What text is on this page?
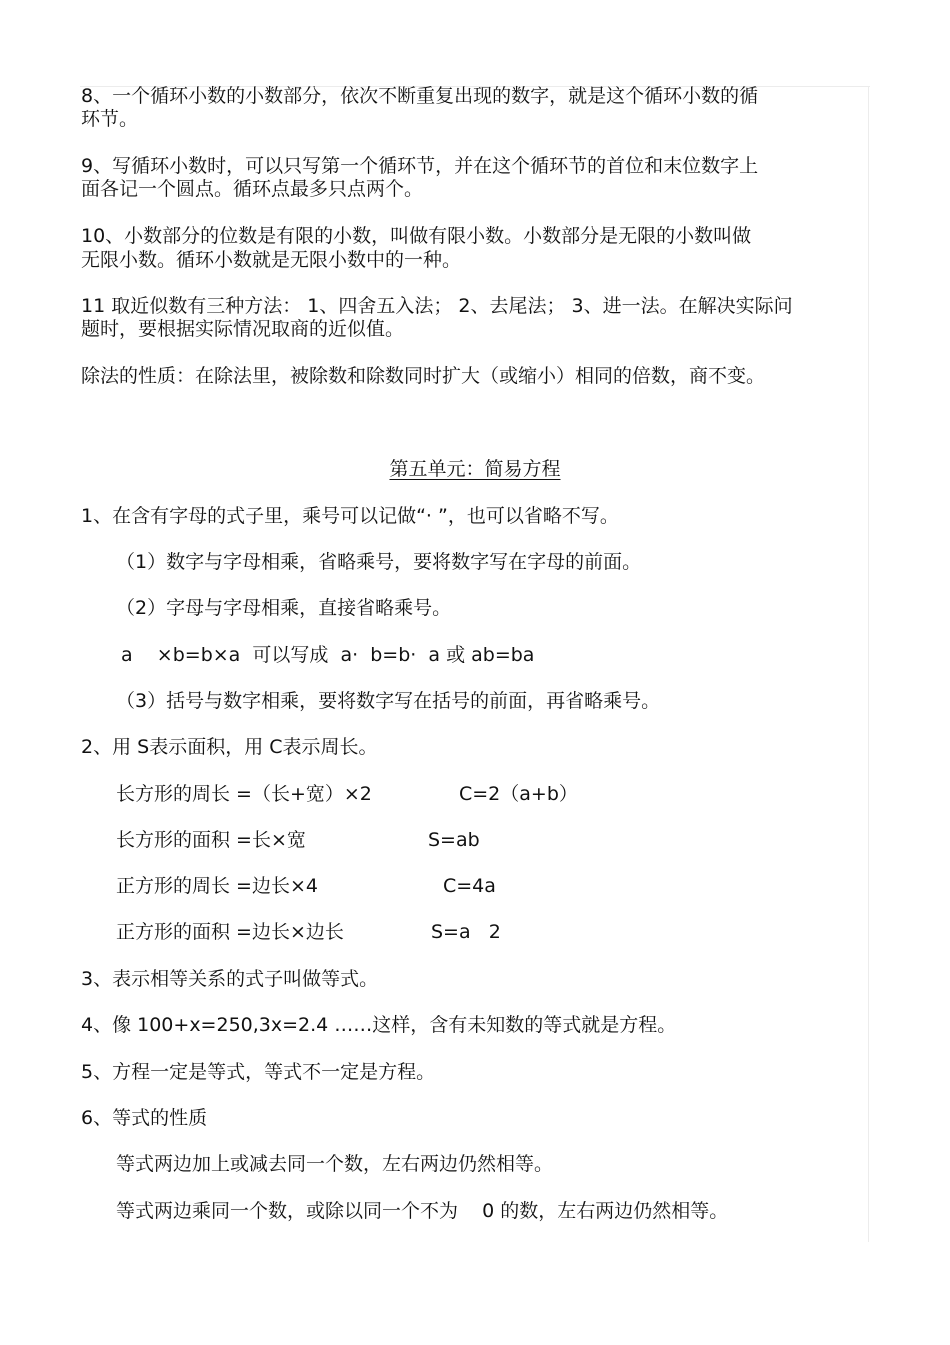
8、一个循环小数的小数部分，依次不断重复出现的数字，就是这个循环小数的循
环节。
9、写循环小数时，可以只写第一个循环节，并在这个循环节的首位和末位数字上
面各记一个圆点。循环点最多只点两个。
10、小数部分的位数是有限的小数，叫做有限小数。小数部分是无限的小数叫做
无限小数。循环小数就是无限小数中的一种。
11 取近似数有三种方法： 1、四舍五入法； 2、去尾法； 3、进一法。在解决实际问
题时，要根据实际情况取商的近似值。
除法的性质：在除法里，被除数和除数同时扩大（或缩小）相同的倍数，商不变。
第五单元：简易方程
1、在含有字母的式子里，乘号可以记做“· ”，也可以省略不写。
（1）数字与字母相乘，省略乘号，要将数字写在字母的前面。
（2）字母与字母相乘，直接省略乘号。
a    ×b=b×a  可以写成  a·  b=b·  a 或 ab=ba
（3）括号与数字相乘，要将数字写在括号的前面，再省略乘号。
2、用 S表示面积，用 C表示周长。
长方形的周长 =（长+宽）×2	C=2（a+b）
长方形的面积 =长×宽	S=ab
正方形的周长 =边长×4	C=4a
正方形的面积 =边长×边长	S=a   2
3、表示相等关系的式子叫做等式。
4、像 100+x=250,3x=2.4 ……这样，含有未知数的等式就是方程。
5、方程一定是等式，等式不一定是方程。
6、等式的性质
等式两边加上或减去同一个数，左右两边仍然相等。
等式两边乘同一个数，或除以同一个不为    0 的数，左右两边仍然相等。
